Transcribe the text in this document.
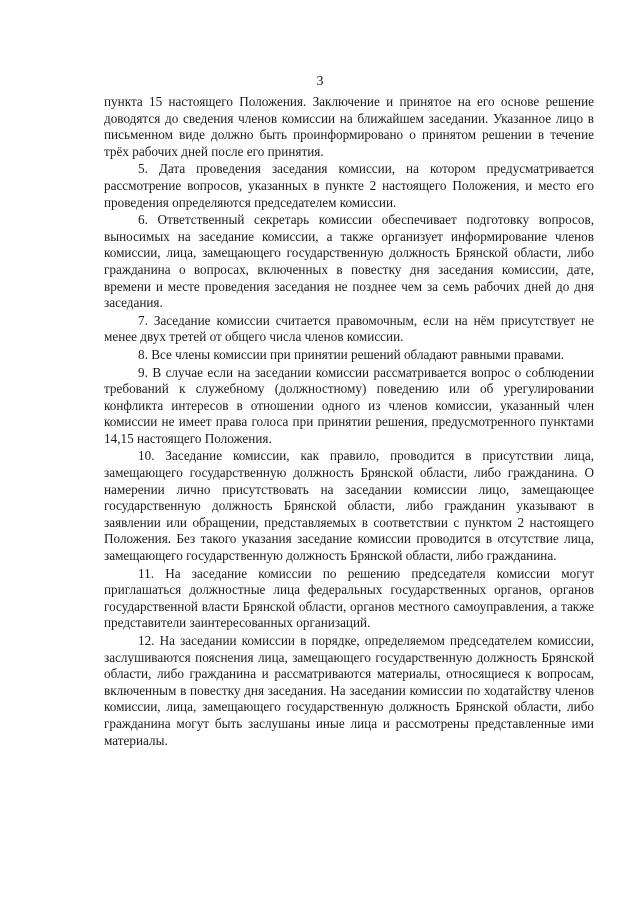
3

пункта 15 настоящего Положения. Заключение и принятое на его основе решение доводятся до сведения членов комиссии на ближайшем заседании. Указанное лицо в письменном виде должно быть проинформировано о принятом решении в течение трёх рабочих дней после его принятия.

5. Дата проведения заседания комиссии, на котором предусматривается рассмотрение вопросов, указанных в пункте 2 настоящего Положения, и место его проведения определяются председателем комиссии.

6. Ответственный секретарь комиссии обеспечивает подготовку вопросов, выносимых на заседание комиссии, а также организует информирование членов комиссии, лица, замещающего государственную должность Брянской области, либо гражданина о вопросах, включенных в повестку дня заседания комиссии, дате, времени и месте проведения заседания не позднее чем за семь рабочих дней до дня заседания.

7. Заседание комиссии считается правомочным, если на нём присутствует не менее двух третей от общего числа членов комиссии.

8. Все члены комиссии при принятии решений обладают равными правами.

9. В случае если на заседании комиссии рассматривается вопрос о соблюдении требований к служебному (должностному) поведению или об урегулировании конфликта интересов в отношении одного из членов комиссии, указанный член комиссии не имеет права голоса при принятии решения, предусмотренного пунктами 14,15 настоящего Положения.

10. Заседание комиссии, как правило, проводится в присутствии лица, замещающего государственную должность Брянской области, либо гражданина. О намерении лично присутствовать на заседании комиссии лицо, замещающее государственную должность Брянской области, либо гражданин указывают в заявлении или обращении, представляемых в соответствии с пунктом 2 настоящего Положения. Без такого указания заседание комиссии проводится в отсутствие лица, замещающего государственную должность Брянской области, либо гражданина.

11. На заседание комиссии по решению председателя комиссии могут приглашаться должностные лица федеральных государственных органов, органов государственной власти Брянской области, органов местного самоуправления, а также представители заинтересованных организаций.

12. На заседании комиссии в порядке, определяемом председателем комиссии, заслушиваются пояснения лица, замещающего государственную должность Брянской области, либо гражданина и рассматриваются материалы, относящиеся к вопросам, включенным в повестку дня заседания. На заседании комиссии по ходатайству членов комиссии, лица, замещающего государственную должность Брянской области, либо гражданина могут быть заслушаны иные лица и рассмотрены представленные ими материалы.
